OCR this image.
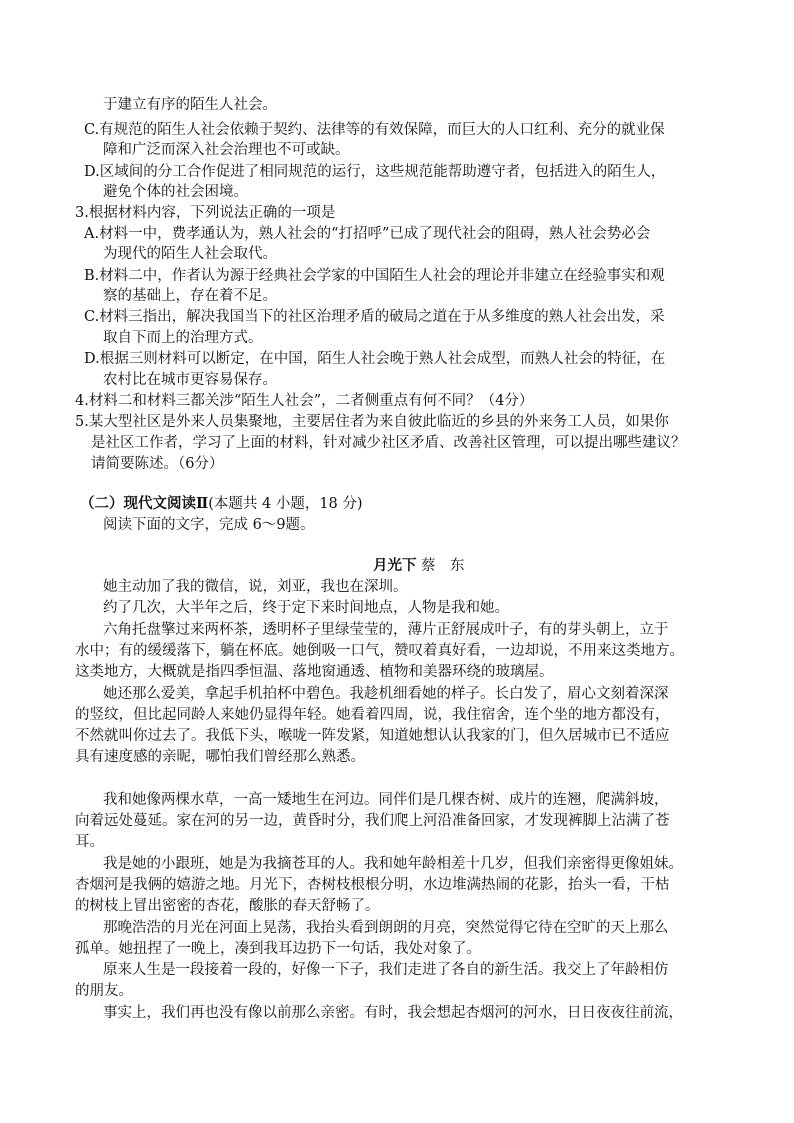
于建立有序的陌生人社会。
C.有规范的陌生人社会依赖于契约、法律等的有效保障，而巨大的人口红利、充分的就业保
障和广泛而深入社会治理也不可或缺。
D.区域间的分工合作促进了相同规范的运行，这些规范能帮助遵守者，包括进入的陌生人，
避免个体的社会困境。
3.根据材料内容，下列说法正确的一项是
A.材料一中，费孝通认为，熟人社会的“打招呼”已成了现代社会的阻碍，熟人社会势必会
为现代的陌生人社会取代。
B.材料二中，作者认为源于经典社会学家的中国陌生人社会的理论并非建立在经验事实和观
察的基础上，存在着不足。
C.材料三指出，解决我国当下的社区治理矛盾的破局之道在于从多维度的熟人社会出发，采
取自下而上的治理方式。
D.根据三则材料可以断定，在中国，陌生人社会晚于熟人社会成型，而熟人社会的特征，在
农村比在城市更容易保存。
4.材料二和材料三都关涉“陌生人社会”，二者侧重点有何不同？（4分）
5.某大型社区是外来人员集聚地，主要居住者为来自彼此临近的乡县的外来务工人员，如果你
是社区工作者，学习了上面的材料，针对减少社区矛盾、改善社区管理，可以提出哪些建议？
请简要陈述。（6分）
（二）现代文阅读Ⅱ(本题共 4 小题，18 分)
阅读下面的文字，完成 6～9题。
月光下 蔡　东
她主动加了我的微信，说，刘亚，我也在深圳。
约了几次，大半年之后，终于定下来时间地点，人物是我和她。
六角托盘擎过来两杯茶，透明杯子里绿莹莹的，薄片正舒展成叶子，有的芽头朝上，立于
水中；有的缓缓落下，躺在杯底。她倒吸一口气，赞叹着真好看，一边却说，不用来这类地方。
这类地方，大概就是指四季恒温、落地窗通透、植物和美器环绕的玻璃屋。
她还那么爱美，拿起手机拍杯中碧色。我趁机细看她的样子。长白发了，眉心文刻着深深
的竖纹，但比起同龄人来她仍显得年轻。她看着四周，说，我住宿舍，连个坐的地方都没有，
不然就叫你过去了。我低下头，喉咙一阵发紧，知道她想认认我家的门，但久居城市已不适应
具有速度感的亲昵，哪怕我们曾经那么熟悉。
我和她像两棵水草，一高一矮地生在河边。同伴们是几棵杏树、成片的连翘，爬满斜坡，
向着远处蔓延。家在河的另一边，黄昏时分，我们爬上河沿准备回家，才发现裤脚上沾满了苍
耳。
我是她的小跟班，她是为我摘苍耳的人。我和她年龄相差十几岁，但我们亲密得更像姐妹。
杏烟河是我俩的嬉游之地。月光下，杏树枝根根分明，水边堆满热闹的花影，抬头一看，干枯
的树枝上冒出密密的杏花，酸胀的春天舒畅了。
那晚浩浩的月光在河面上晃荡，我抬头看到朗朗的月亮，突然觉得它待在空旷的天上那么
孤单。她扭捏了一晚上，凑到我耳边扔下一句话，我处对象了。
原来人生是一段接着一段的，好像一下子，我们走进了各自的新生活。我交上了年龄相仿
的朋友。
事实上，我们再也没有像以前那么亲密。有时，我会想起杏烟河的河水，日日夜夜往前流，
